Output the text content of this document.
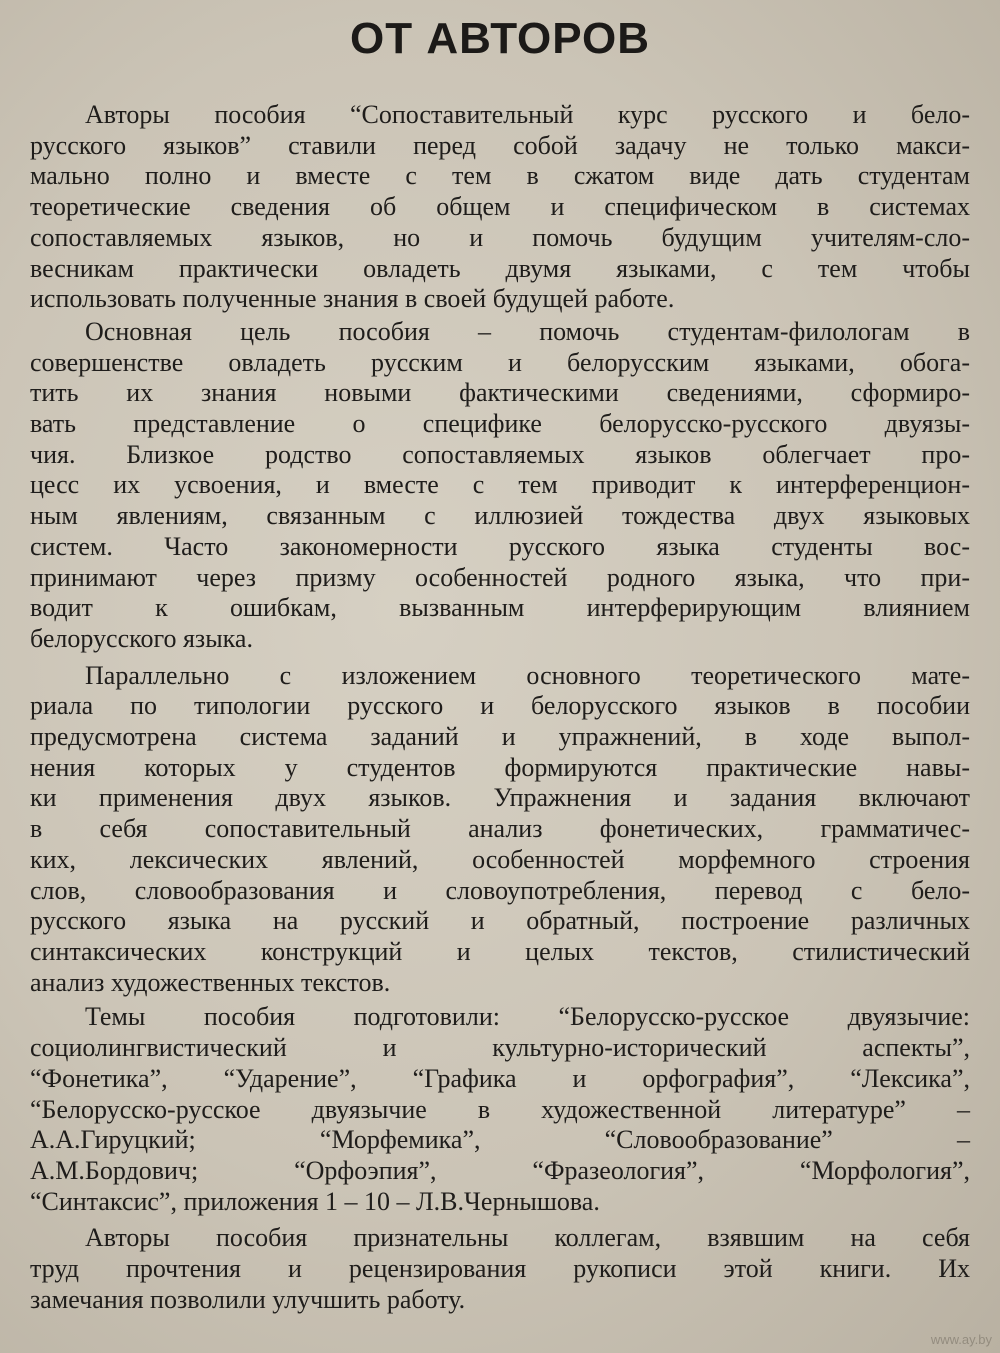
ОТ АВТОРОВ
Авторы пособия “Сопоставительный курс русского и бело-
русского языков” ставили перед собой задачу не только макси-
мально полно и вместе с тем в сжатом виде дать студентам
теоретические сведения об общем и специфическом в системах
сопоставляемых языков, но и помочь будущим учителям-сло-
весникам практически овладеть двумя языками, с тем чтобы
использовать полученные знания в своей будущей работе.
Основная цель пособия – помочь студентам-филологам в
совершенстве овладеть русским и белорусским языками, обога-
тить их знания новыми фактическими сведениями, сформиро-
вать представление о специфике белорусско-русского двуязы-
чия. Близкое родство сопоставляемых языков облегчает про-
цесс их усвоения, и вместе с тем приводит к интерференцион-
ным явлениям, связанным с иллюзией тождества двух языковых
систем. Часто закономерности русского языка студенты вос-
принимают через призму особенностей родного языка, что при-
водит к ошибкам, вызванным интерферирующим влиянием
белорусского языка.
Параллельно с изложением основного теоретического мате-
риала по типологии русского и белорусского языков в пособии
предусмотрена система заданий и упражнений, в ходе выпол-
нения которых у студентов формируются практические навы-
ки применения двух языков. Упражнения и задания включают
в себя сопоставительный анализ фонетических, грамматичес-
ких, лексических явлений, особенностей морфемного строения
слов, словообразования и словоупотребления, перевод с бело-
русского языка на русский и обратный, построение различных
синтаксических конструкций и целых текстов, стилистический
анализ художественных текстов.
Темы пособия подготовили: “Белорусско-русское двуязычие:
социолингвистический и культурно-исторический аспекты”,
“Фонетика”, “Ударение”, “Графика и орфография”, “Лексика”,
“Белорусско-русское двуязычие в художественной литературе” –
А.А.Гируцкий; “Морфемика”, “Словообразование” –
А.М.Бордович; “Орфоэпия”, “Фразеология”, “Морфология”,
“Синтаксис”, приложения 1 – 10 – Л.В.Чернышова.
Авторы пособия признательны коллегам, взявшим на себя
труд прочтения и рецензирования рукописи этой книги. Их
замечания позволили улучшить работу.
www.ay.by
